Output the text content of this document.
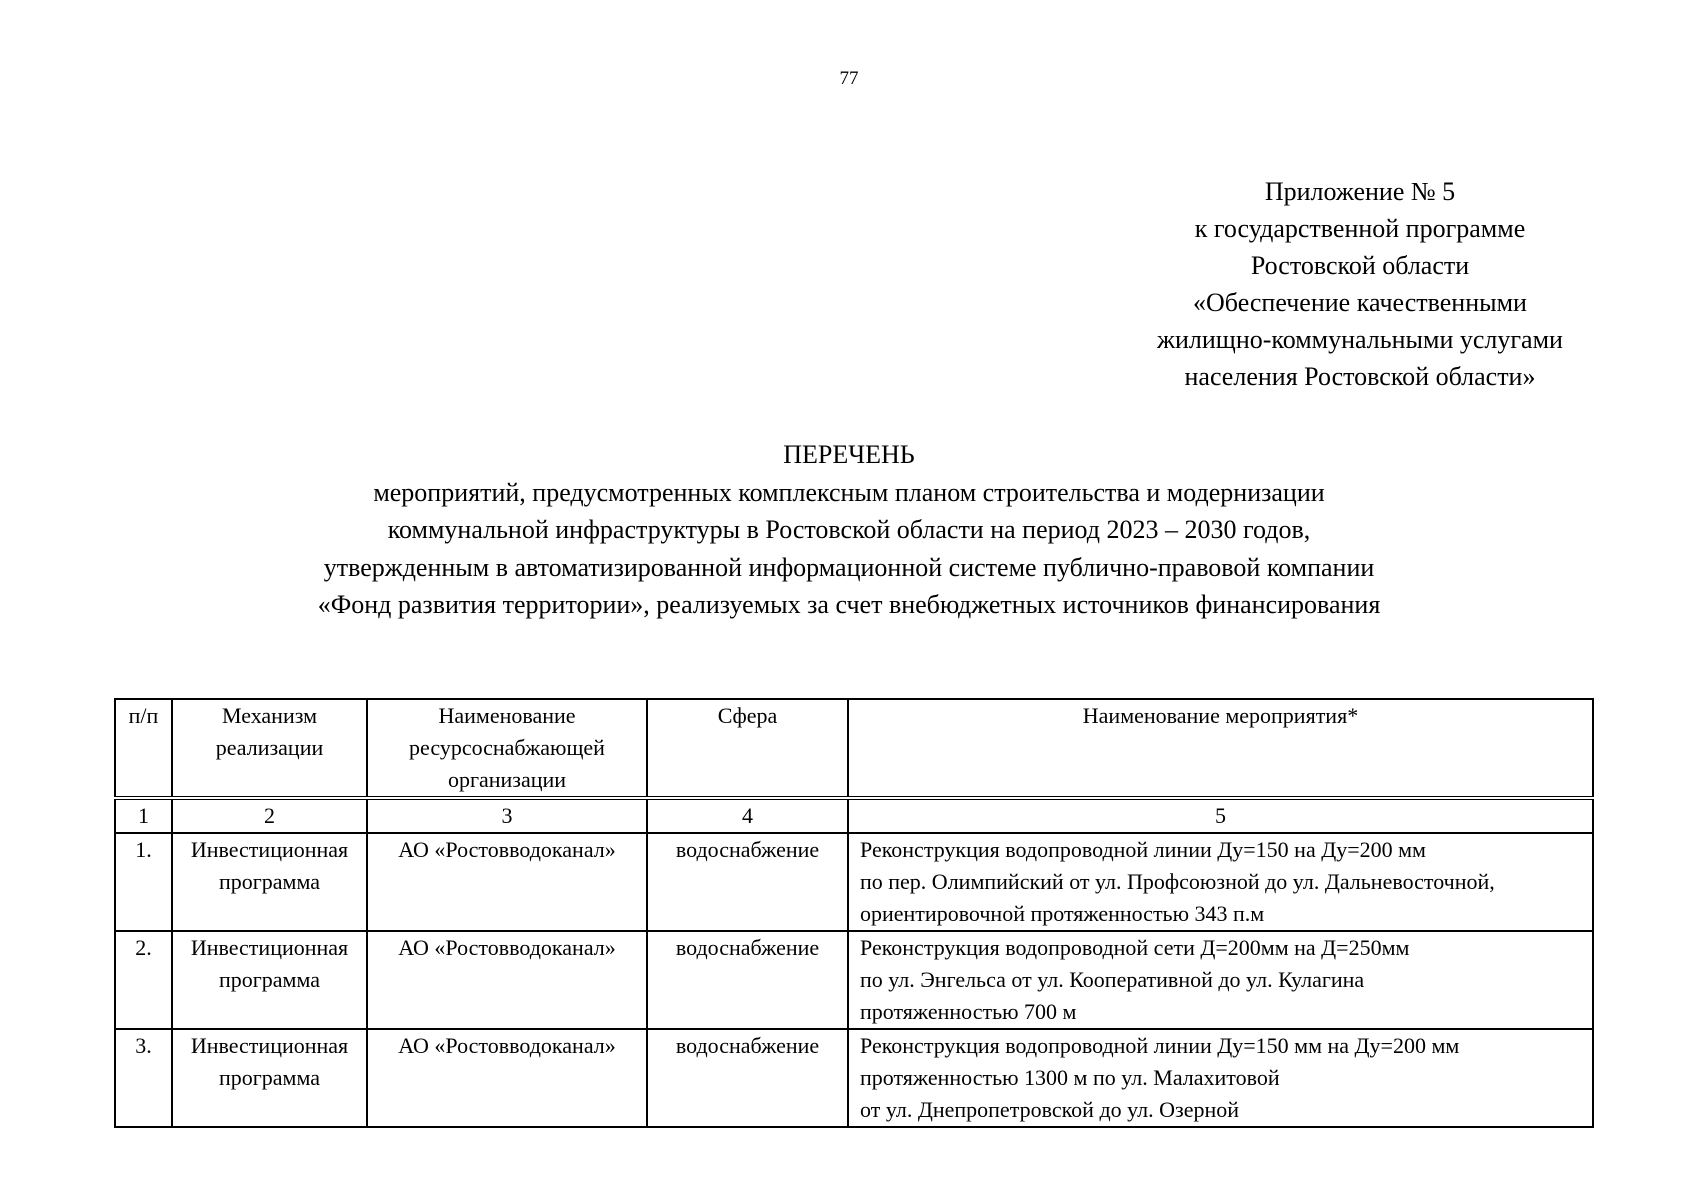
77
Приложение № 5
к государственной программе
Ростовской области
«Обеспечение качественными
жилищно-коммунальными услугами
населения Ростовской области»
ПЕРЕЧЕНЬ
мероприятий, предусмотренных комплексным планом строительства и модернизации
коммунальной инфраструктуры в Ростовской области на период 2023 – 2030 годов,
утвержденным в автоматизированной информационной системе публично-правовой компании
«Фонд развития территории», реализуемых за счет внебюджетных источников финансирования
п/п	Механизм реализации	Наименование ресурсоснабжающей организации	Сфера	Наименование мероприятия*
1	2	3	4	5
1.	Инвестиционная программа	АО «Ростовводоканал»	водоснабжение	Реконструкция водопроводной линии Ду=150 на Ду=200 мм
по пер. Олимпийский от ул. Профсоюзной до ул. Дальневосточной,
ориентировочной протяженностью 343 п.м

2.	Инвестиционная программа	АО «Ростовводоканал»	водоснабжение	Реконструкция водопроводной сети Д=200мм на Д=250мм
по ул. Энгельса от ул. Кооперативной до ул. Кулагина
протяженностью 700 м

3.	Инвестиционная программа	АО «Ростовводоканал»	водоснабжение	Реконструкция водопроводной линии Ду=150 мм на Ду=200 мм
протяженностью 1300 м по ул. Малахитовой
от ул. Днепропетровской до ул. Озерной
